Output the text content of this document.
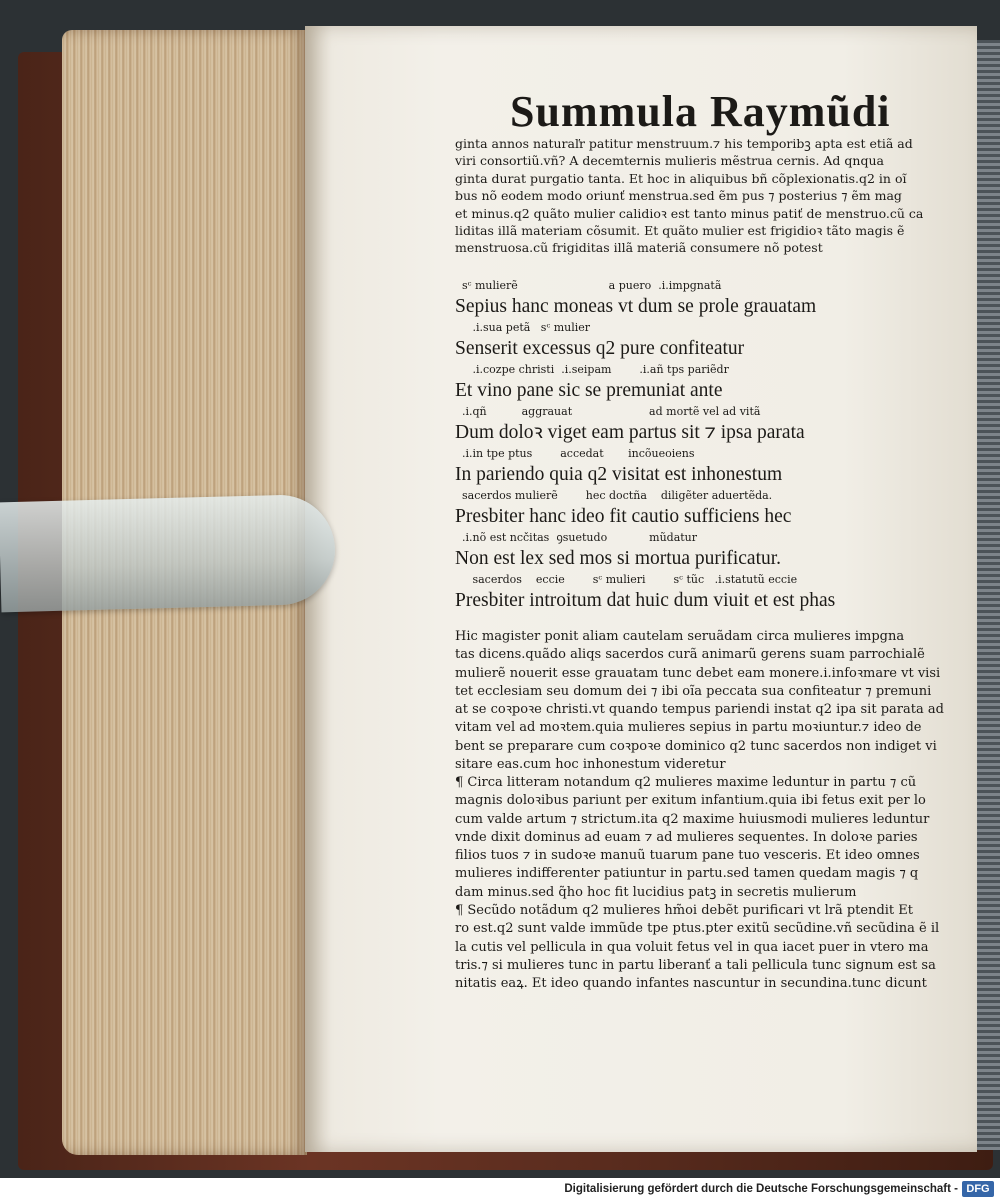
Summula Raymũdi
ginta annos naturaľr patitur menstruum.⁊ his temporibꝫ apta est etiã ad
viri consortiũ.vñ? A decemternis mulieris mẽstrua cernis. Ad qnqua
ginta durat purgatio tanta. Et hoc in aliquibus bñ cõplexionatis.q2 in oĩ
bus nõ eodem modo oriunť menstrua.sed ẽm pus ⁊ posterius ⁊ ẽm mag
et minus.q2 quãto mulier calidioꝛ est tanto minus patiť de menstruo.cũ ca
liditas illã materiam cõsumit. Et quãto mulier est frigidioꝛ tãto magis ẽ
menstruosa.cũ frigiditas illã materiã consumere nõ potest
sᶜ mulierẽ                          a puero  .i.impgnatã
Sepius hanc moneas vt dum se prole grauatam
.i.sua petã   sᶜ mulier
Senserit excessus q2 pure confiteatur
.i.cozpe christi  .i.seipam        .i.añ tps pariẽdr
Et vino pane sic se premuniat ante
.i.qñ          aggrauat                      ad mortẽ vel ad vitã
Dum doloꝛ viget eam partus sit ⁊ ipsa parata
.i.in tpe ptus        accedat       incõueoiens
In pariendo quia q2 visitat est inhonestum
sacerdos mulierẽ        hec doctña    diligẽter aduertẽda.
Presbiter hanc ideo fit cautio sufficiens hec
.i.nõ est ncčitas  ꝯsuetudo            mũdatur
Non est lex sed mos si mortua purificatur.
sacerdos    eccie        sᶜ mulieri        sᶜ tũc   .i.statutũ eccie
Presbiter introitum dat huic dum viuit et est phas
Hic magister ponit aliam cautelam seruãdam circa mulieres impgna
tas dicens.quãdo aliqs sacerdos curã animarũ gerens suam parrochialẽ
mulierẽ nouerit esse grauatam tunc debet eam monere.i.infoꝛmare vt visi
tet ecclesiam seu domum dei ⁊ ibi oĩa peccata sua confiteatur ⁊ premuni
at se coꝛpoꝛe christi.vt quando tempus pariendi instat q2 ipa sit parata ad
vitam vel ad moꝛtem.quia mulieres sepius in partu moꝛiuntur.⁊ ideo de
bent se preparare cum coꝛpoꝛe dominico q2 tunc sacerdos non indiget vi
sitare eas.cum hoc inhonestum videretur
¶ Circa litteram notandum q2 mulieres maxime leduntur in partu ⁊ cũ
magnis doloꝛibus pariunt per exitum infantium.quia ibi fetus exit per lo
cum valde artum ⁊ strictum.ita q2 maxime huiusmodi mulieres leduntur
vnde dixit dominus ad euam ⁊ ad mulieres sequentes. In doloꝛe paries
filios tuos ⁊ in sudoꝛe manuũ tuarum pane tuo vesceris. Et ideo omnes
mulieres indifferenter patiuntur in partu.sed tamen quedam magis ⁊ q
dam minus.sed q̃ho hoc fit lucidius patꝫ in secretis mulierum
¶ Secũdo notãdum q2 mulieres hm̃oi debẽt purificari vt lrã ptendit Et
ro est.q2 sunt valde immũde tpe ptus.pter exitũ secũdine.vñ secũdina ẽ il
la cutis vel pellicula in qua voluit fetus vel in qua iacet puer in vtero ma
tris.⁊ si mulieres tunc in partu liberanť a tali pellicula tunc signum est sa
nitatis eaꝝ. Et ideo quando infantes nascuntur in secundina.tunc dicunt
Digitalisierung gefördert durch die Deutsche Forschungsgemeinschaft - DFG
